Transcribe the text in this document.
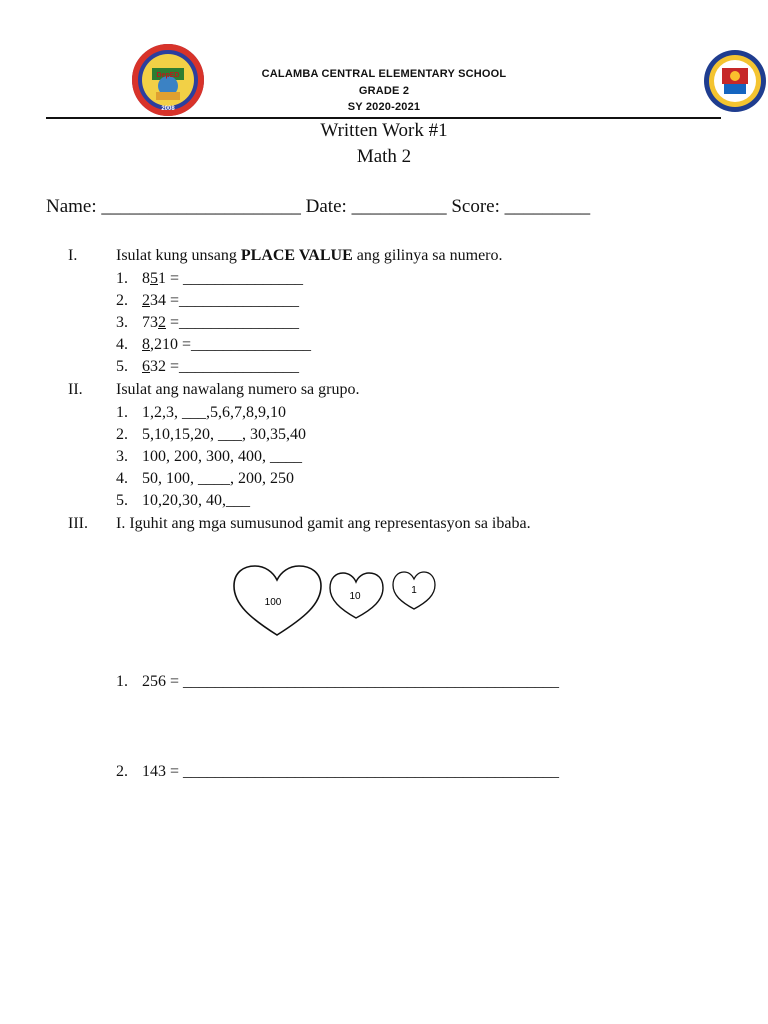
DepED
2008
CALAMBA CENTRAL ELEMENTARY SCHOOL
GRADE 2
SY 2020-2021
Written Work #1
Math 2
Name: _____________________ Date: __________ Score: _________
I. Isulat kung unsang PLACE VALUE ang gilinya sa numero.
1. 851 = _______________
2. 234 =_______________
3. 732 =_______________
4. 8,210 =_______________
5. 632 =_______________
II. Isulat ang nawalang numero sa grupo.
1. 1,2,3, ___,5,6,7,8,9,10
2. 5,10,15,20, ___, 30,35,40
3. 100, 200, 300, 400, ____
4. 50, 100, ____, 200, 250
5. 10,20,30, 40,___
III. I. Iguhit ang mga sumusunod gamit ang representasyon sa ibaba.
100
10
1
1. 256 = _______________________________________________
2. 143 = _______________________________________________
